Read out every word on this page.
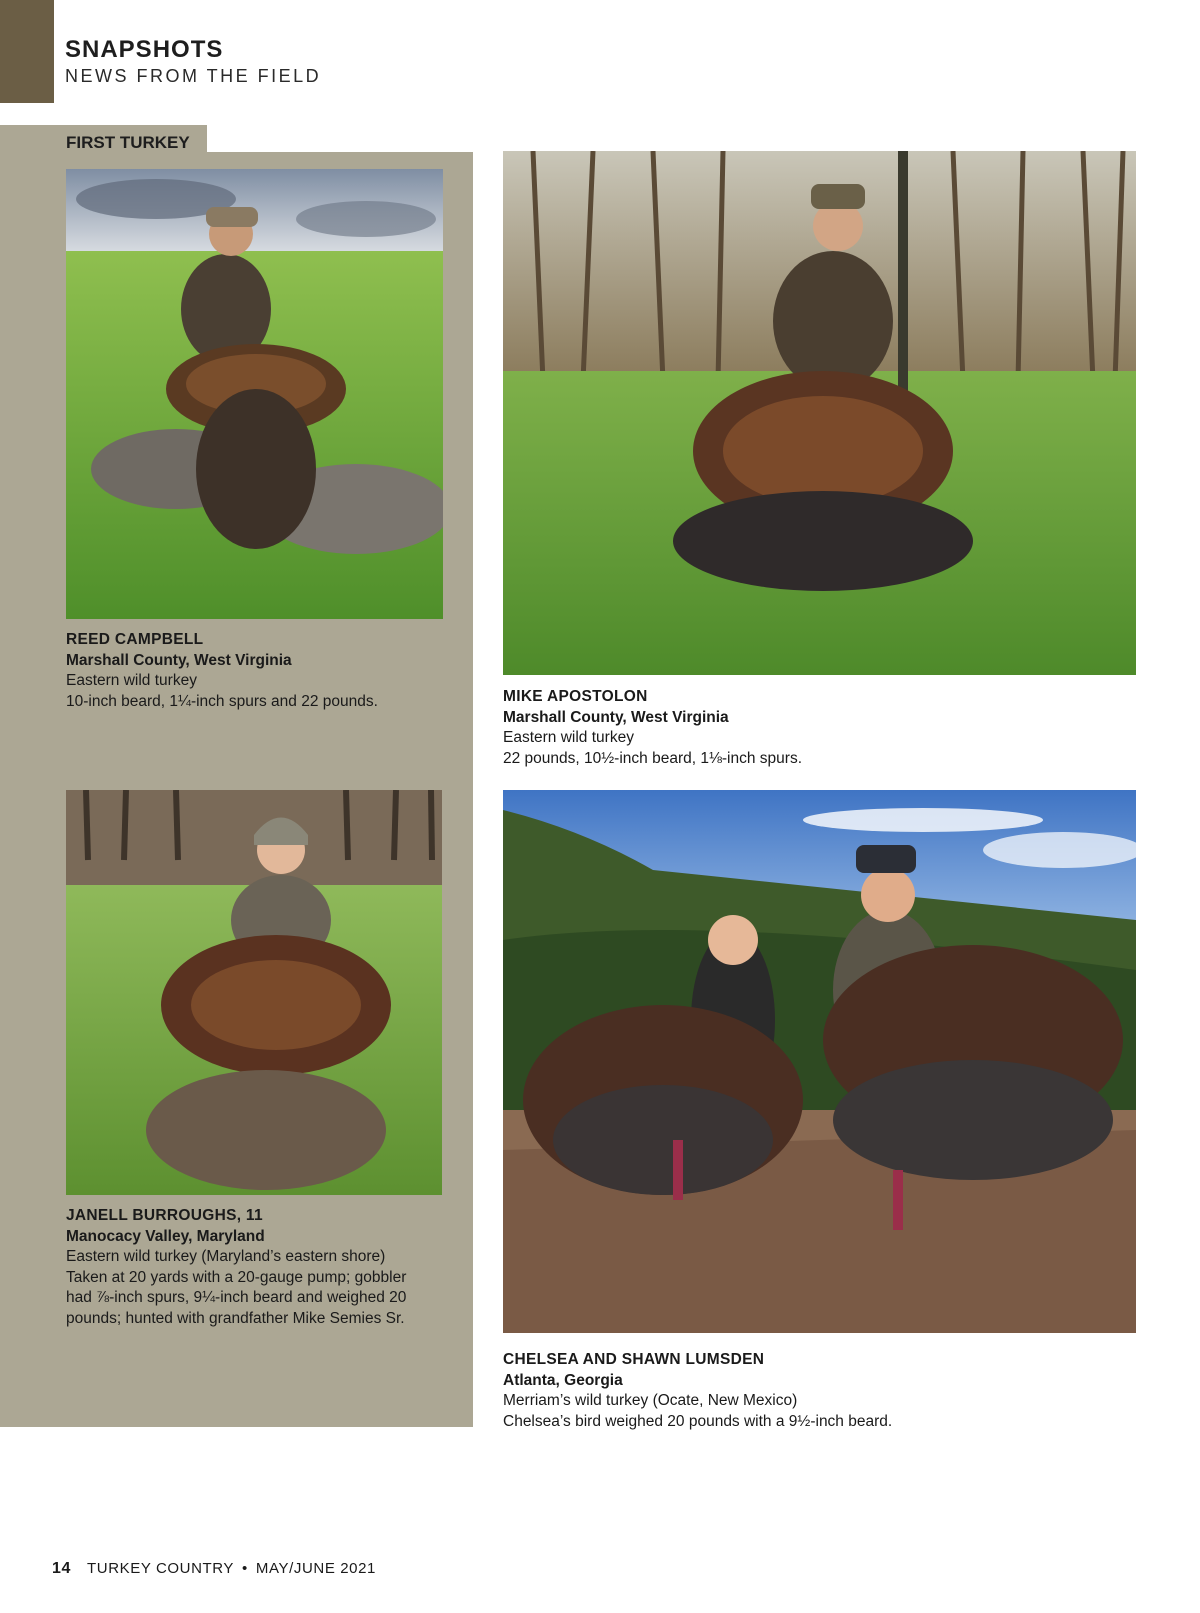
SNAPSHOTS
NEWS FROM THE FIELD
FIRST TURKEY
REED CAMPBELL
Marshall County, West Virginia
Eastern wild turkey
10-inch beard, 1¼-inch spurs and 22 pounds.	MIKE APOSTOLON
Marshall County, West Virginia
Eastern wild turkey
22 pounds, 10½-inch beard, 1⅛-inch spurs.
JANELL BURROUGHS, 11
Manocacy Valley, Maryland
Eastern wild turkey (Maryland’s eastern shore)
Taken at 20 yards with a 20-gauge pump; gobbler
had ⅞-inch spurs, 9¼-inch beard and weighed 20
pounds; hunted with grandfather Mike Semies Sr.
CHELSEA AND SHAWN LUMSDEN
Atlanta, Georgia
Merriam’s wild turkey (Ocate, New Mexico)
Chelsea’s bird weighed 20 pounds with a 9½-inch beard.
14 TURKEY COUNTRY • MAY/JUNE 2021
